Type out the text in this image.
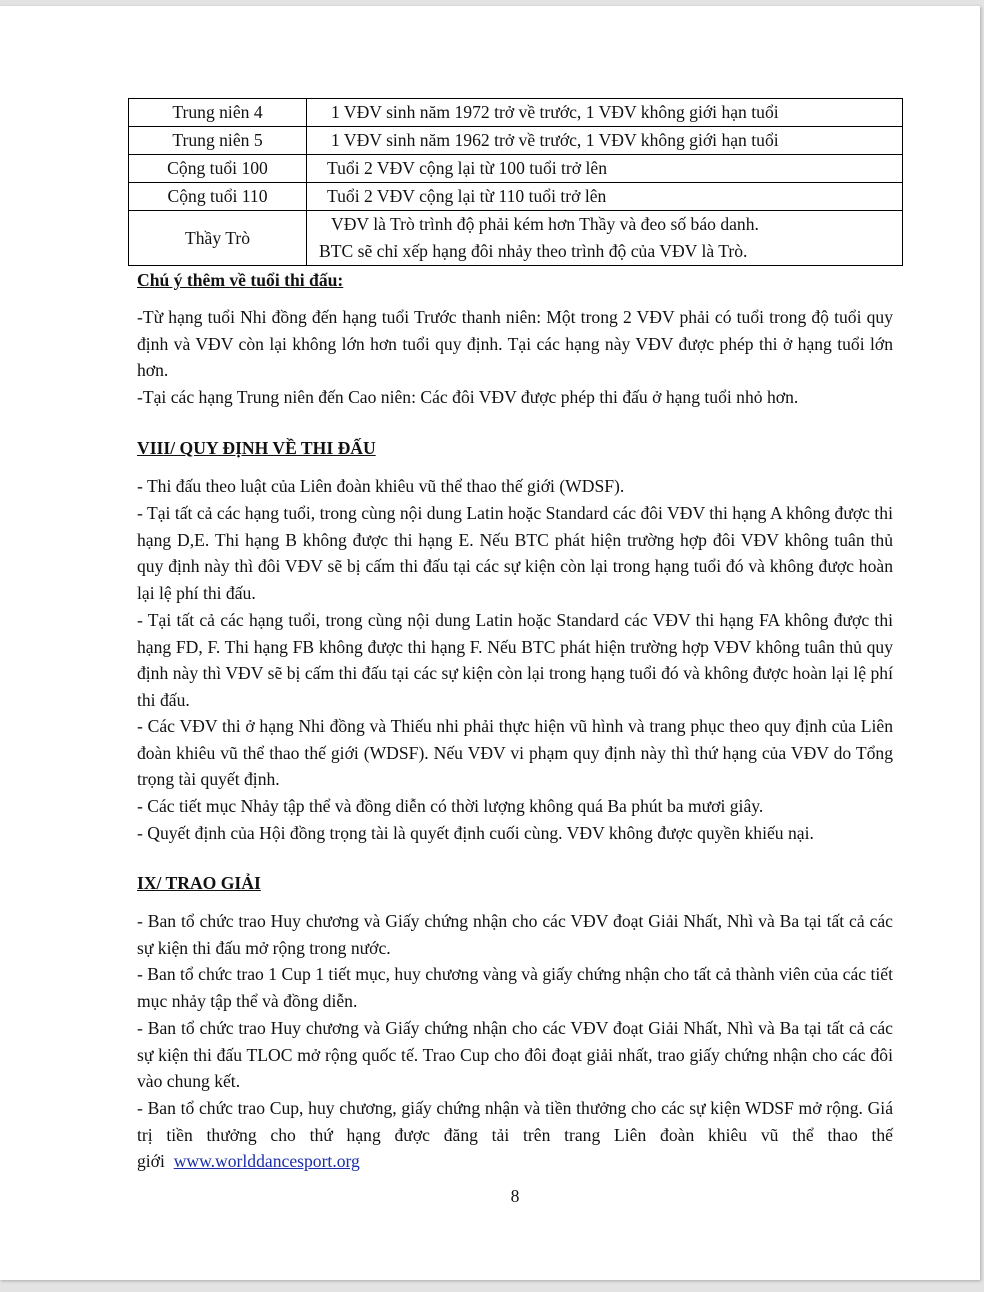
Trung niên 4	1 VĐV sinh năm 1972 trở về trước, 1 VĐV không giới hạn tuổi
Trung niên 5	1 VĐV sinh năm 1962 trở về trước, 1 VĐV không giới hạn tuổi
Cộng tuổi 100	Tuổi 2 VĐV cộng lại từ 100 tuổi trở lên
Cộng tuổi 110	Tuổi 2 VĐV cộng lại từ 110 tuổi trở lên
Thầy Trò	VĐV là Trò trình độ phải kém hơn Thầy và đeo số báo danh.
BTC sẽ chỉ xếp hạng đôi nhảy theo trình độ của VĐV là Trò.
Chú ý thêm về tuổi thi đấu:
-Từ hạng tuổi Nhi đồng đến hạng tuổi Trước thanh niên: Một trong 2 VĐV phải có tuổi trong độ tuổi quy định và VĐV còn lại không lớn hơn tuổi quy định. Tại các hạng này VĐV được phép thi ở hạng tuổi lớn hơn.
-Tại các hạng Trung niên đến Cao niên: Các đôi VĐV được phép thi đấu ở hạng tuổi nhỏ hơn.
VIII/ QUY ĐỊNH VỀ THI ĐẤU
- Thi đấu theo luật của Liên đoàn khiêu vũ thể thao thế giới (WDSF).
- Tại tất cả các hạng tuổi, trong cùng nội dung Latin hoặc Standard các đôi VĐV thi hạng A không được thi hạng D,E. Thi hạng B không được thi hạng E. Nếu BTC phát hiện trường hợp đôi VĐV không tuân thủ quy định này thì đôi VĐV sẽ bị cấm thi đấu tại các sự kiện còn lại trong hạng tuổi đó và không được hoàn lại lệ phí thi đấu.
- Tại tất cả các hạng tuổi, trong cùng nội dung Latin hoặc Standard các VĐV thi hạng FA không được thi hạng FD, F. Thi hạng FB không được thi hạng F. Nếu BTC phát hiện trường hợp VĐV không tuân thủ quy định này thì VĐV sẽ bị cấm thi đấu tại các sự kiện còn lại trong hạng tuổi đó và không được hoàn lại lệ phí thi đấu.
- Các VĐV thi ở hạng Nhi đồng và Thiếu nhi phải thực hiện vũ hình và trang phục theo quy định của Liên đoàn khiêu vũ thể thao thế giới (WDSF). Nếu VĐV vi phạm quy định này thì thứ hạng của VĐV do Tổng trọng tài quyết định.
- Các tiết mục Nhảy tập thể và đồng diễn có thời lượng không quá Ba phút ba mươi giây.
- Quyết định của Hội đồng trọng tài là quyết định cuối cùng. VĐV không được quyền khiếu nại.
IX/ TRAO GIẢI
- Ban tổ chức trao Huy chương và Giấy chứng nhận cho các VĐV đoạt Giải Nhất, Nhì và Ba tại tất cả các sự kiện thi đấu mở rộng trong nước.
- Ban tổ chức trao 1 Cup 1 tiết mục, huy chương vàng và giấy chứng nhận cho tất cả thành viên của các tiết mục nhảy tập thể và đồng diễn.
- Ban tổ chức trao Huy chương và Giấy chứng nhận cho các VĐV đoạt Giải Nhất, Nhì và Ba tại tất cả các sự kiện thi đấu TLOC mở rộng quốc tế. Trao Cup cho đôi đoạt giải nhất, trao giấy chứng nhận cho các đôi vào chung kết.
- Ban tổ chức trao Cup, huy chương, giấy chứng nhận và tiền thưởng cho các sự kiện WDSF mở rộng. Giá trị tiền thưởng cho thứ hạng được đăng tải trên trang Liên đoàn khiêu vũ thể thao thế giới www.worlddancesport.org
8
